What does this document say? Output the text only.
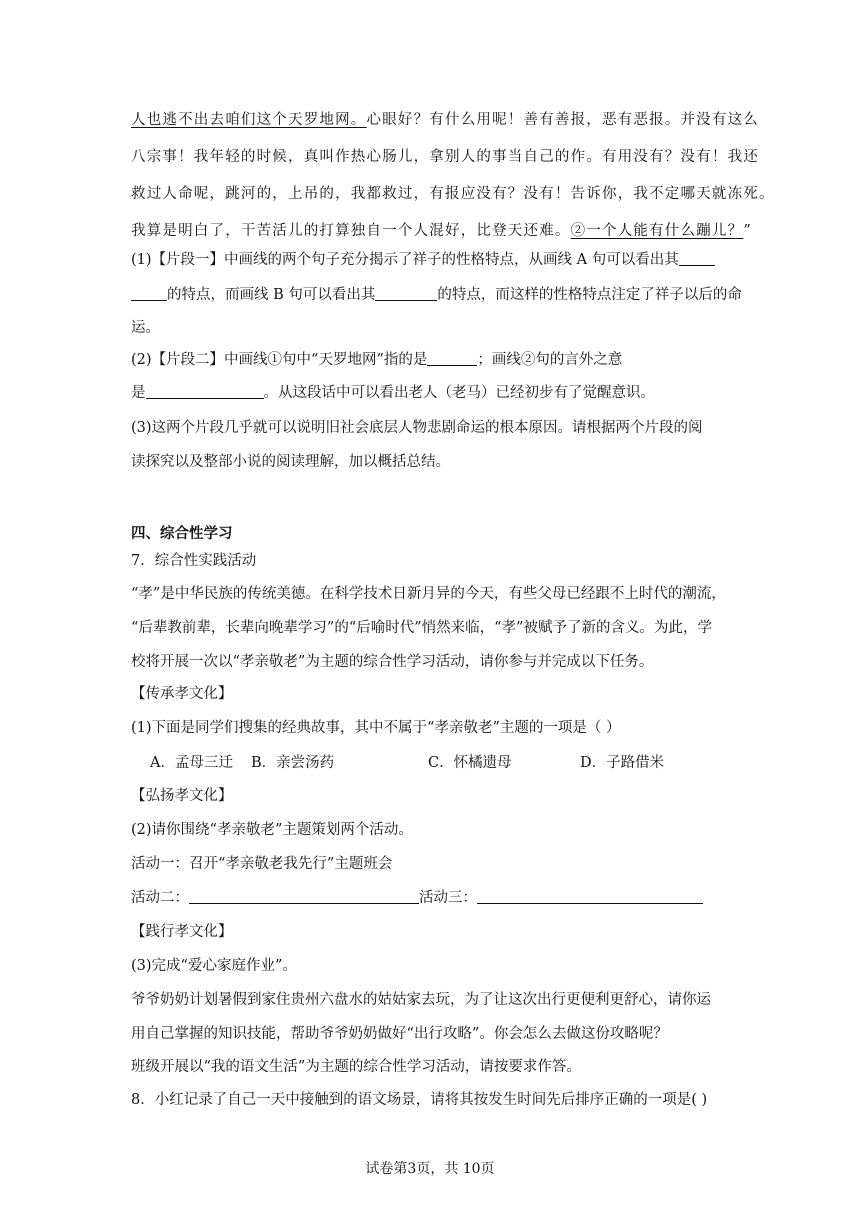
人也逃不出去咱们这个天罗地网。心眼好？有什么用呢！善有善报，恶有恶报。并没有这么
八宗事！我年轻的时候，真叫作热心肠儿，拿别人的事当自己的作。有用没有？没有！我还
救过人命呢，跳河的，上吊的，我都救过，有报应没有？没有！告诉你，我不定哪天就冻死。
我算是明白了，干苦活儿的打算独自一个人混好，比登天还难。②一个人能有什么蹦儿？”
(1)【片段一】中画线的两个句子充分揭示了祥子的性格特点，从画线 A 句可以看出其
的特点，而画线 B 句可以看出其	的特点，而这样的性格特点注定了祥子以后的命
运。
(2)【片段二】中画线①句中“天罗地网”指的是	；画线②句的言外之意
是	。从这段话中可以看出老人（老马）已经初步有了觉醒意识。
(3)这两个片段几乎就可以说明旧社会底层人物悲剧命运的根本原因。请根据两个片段的阅
读探究以及整部小说的阅读理解，加以概括总结。
四、综合性学习
7．综合性实践活动
“孝”是中华民族的传统美德。在科学技术日新月异的今天，有些父母已经跟不上时代的潮流，
“后辈教前辈，长辈向晚辈学习”的“后喻时代”悄然来临，“孝”被赋予了新的含义。为此，学
校将开展一次以“孝亲敬老”为主题的综合性学习活动，请你参与并完成以下任务。
【传承孝文化】
(1)下面是同学们搜集的经典故事，其中不属于“孝亲敬老”主题的一项是（ ）
A．孟母三迁 B．亲尝汤药	C．怀橘遗母	D．子路借米
【弘扬孝文化】
(2)请你围绕“孝亲敬老”主题策划两个活动。
活动一：召开“孝亲敬老我先行”主题班会
活动二：	活动三：
【践行孝文化】
(3)完成“爱心家庭作业”。
爷爷奶奶计划暑假到家住贵州六盘水的姑姑家去玩，为了让这次出行更便利更舒心，请你运
用自己掌握的知识技能，帮助爷爷奶奶做好“出行攻略”。你会怎么去做这份攻略呢？
班级开展以“我的语文生活”为主题的综合性学习活动，请按要求作答。
8．小红记录了自己一天中接触到的语文场景，请将其按发生时间先后排序正确的一项是( )
试卷第3页，共 10页
